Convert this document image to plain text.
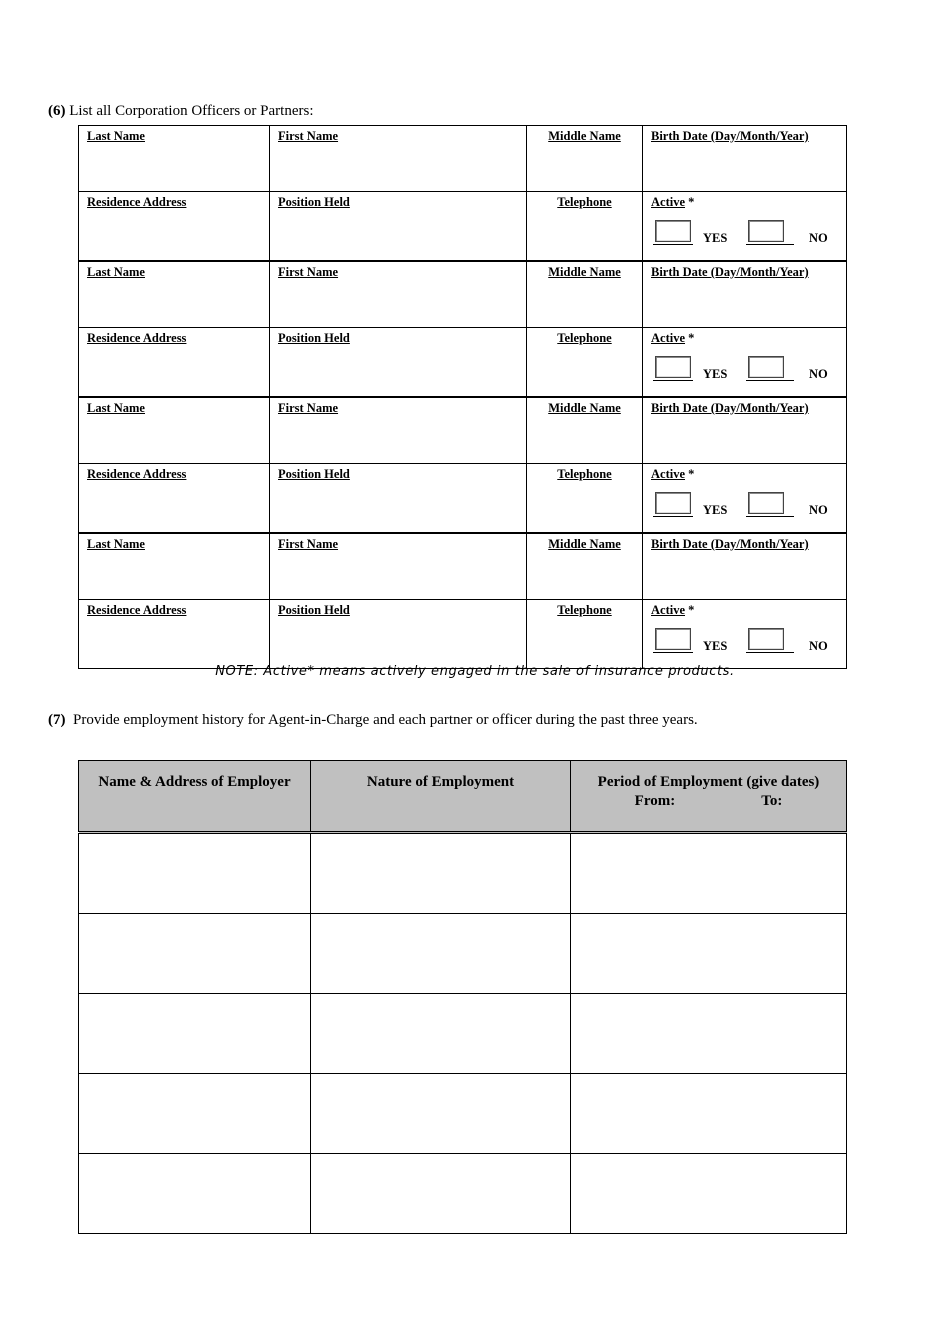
(6) List all Corporation Officers or Partners:
Last Name	First Name	Middle Name	Birth Date (Day/Month/Year)
Residence Address	Position Held	Telephone	Active *
YES NO

Last Name	First Name	Middle Name	Birth Date (Day/Month/Year)
Residence Address	Position Held	Telephone	Active *
YES NO

Last Name	First Name	Middle Name	Birth Date (Day/Month/Year)
Residence Address	Position Held	Telephone	Active *
YES NO

Last Name	First Name	Middle Name	Birth Date (Day/Month/Year)
Residence Address	Position Held	Telephone	Active *
YES NO
NOTE: Active* means actively engaged in the sale of insurance products.
(7) Provide employment history for Agent-in-Charge and each partner or officer during the past three years.
Name & Address of Employer	Nature of Employment	Period of Employment (give dates)
From: To:
